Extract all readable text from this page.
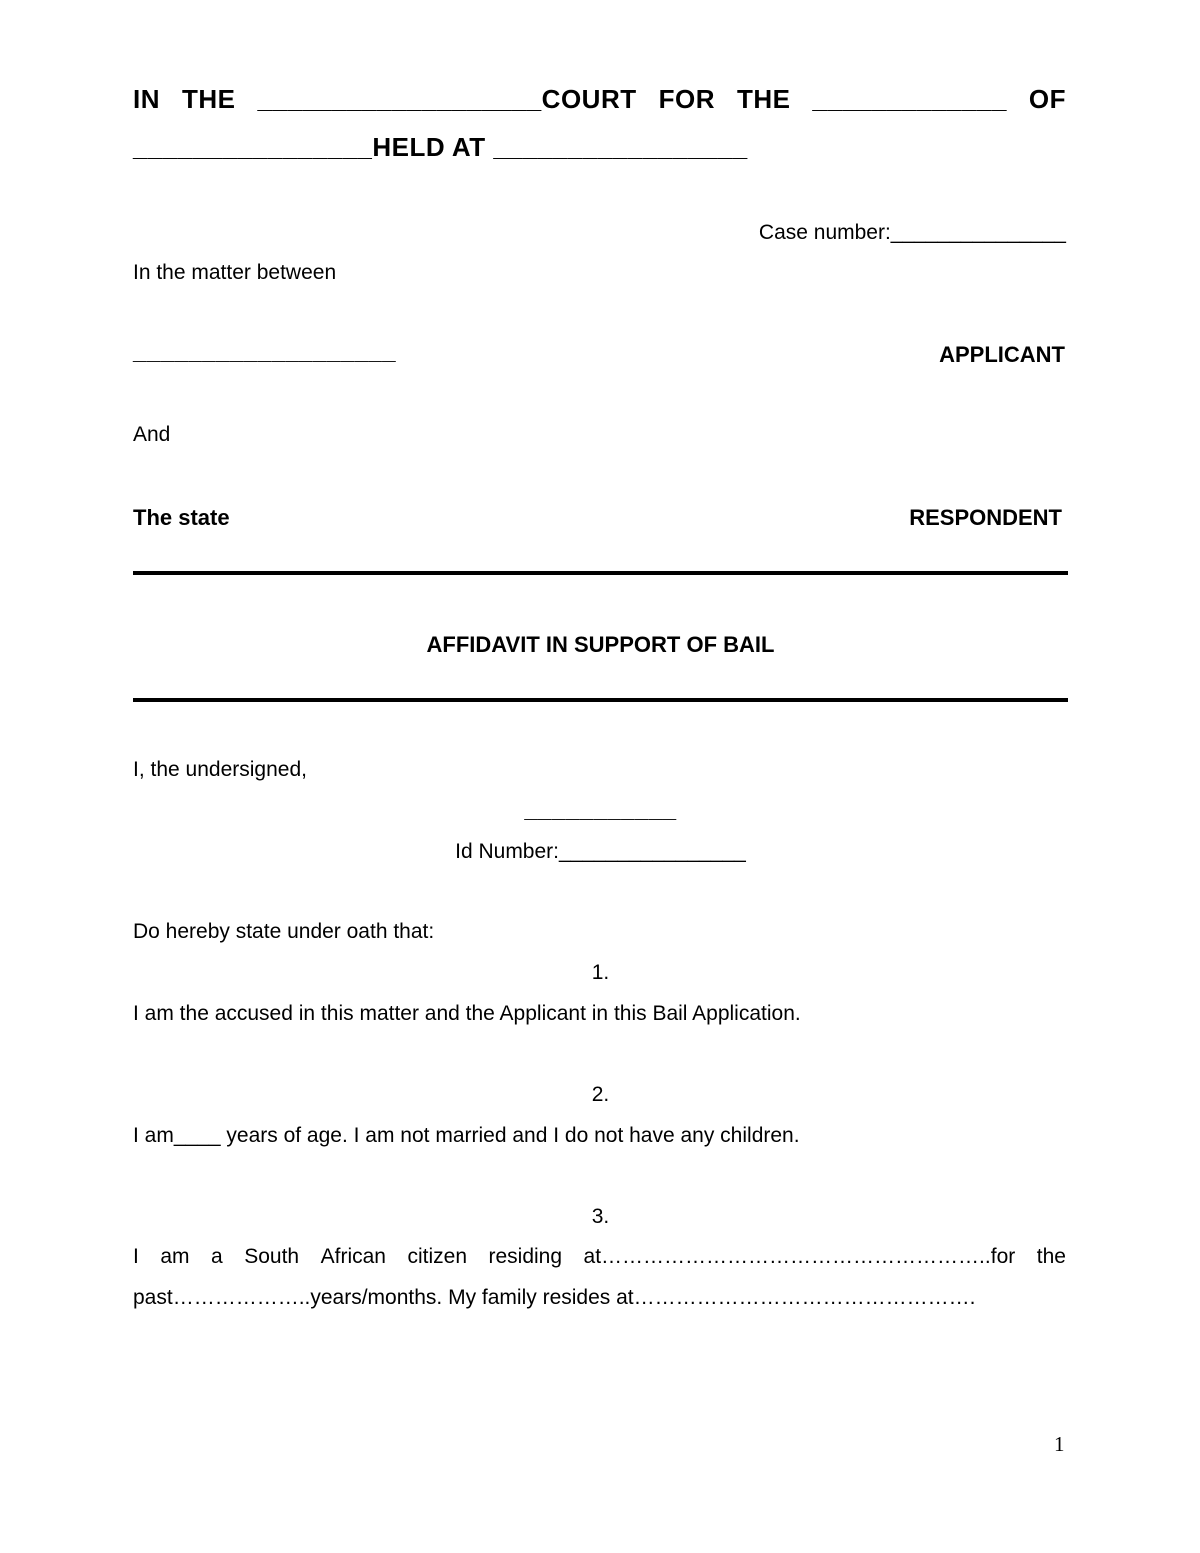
IN THE ___________________COURT FOR THE _____________ OF
________________HELD AT _________________
Case number:_______________
In the matter between
___________________	APPLICANT
And
The state	RESPONDENT
AFFIDAVIT IN SUPPORT OF BAIL
I, the undersigned,
___________
Id Number:________________
Do hereby state under oath that:
1.
I am the accused in this matter and the Applicant in this Bail Application.
2.
I am____ years of age. I am not married and I do not have any children.
3.
I am a South African citizen residing at………………………………………………..for the
past………………..years/months. My family resides at………………………………………….
1
